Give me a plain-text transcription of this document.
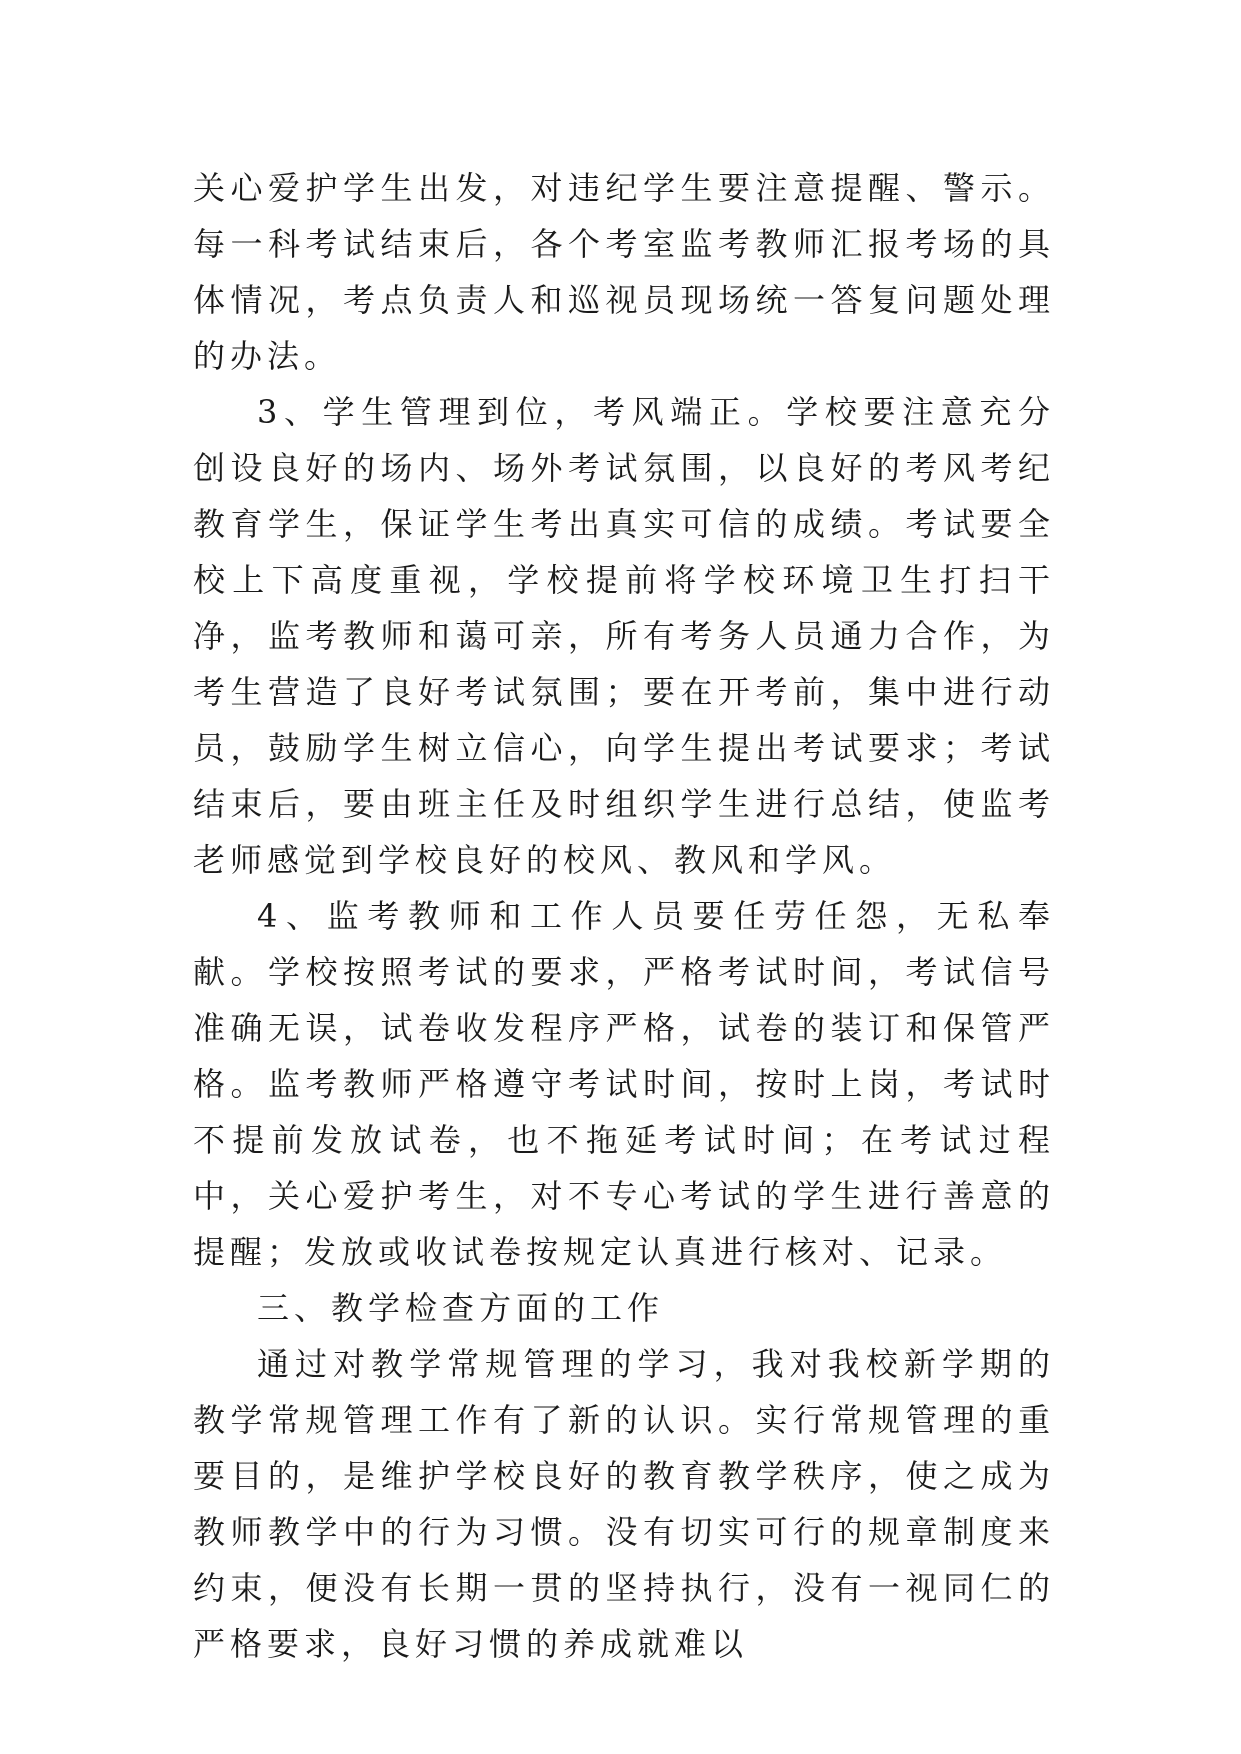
关心爱护学生出发，对违纪学生要注意提醒、警示。每一科考试结束后，各个考室监考教师汇报考场的具体情况，考点负责人和巡视员现场统一答复问题处理的办法。

3、学生管理到位，考风端正。学校要注意充分创设良好的场内、场外考试氛围，以良好的考风考纪教育学生，保证学生考出真实可信的成绩。考试要全校上下高度重视，学校提前将学校环境卫生打扫干净，监考教师和蔼可亲，所有考务人员通力合作，为考生营造了良好考试氛围；要在开考前，集中进行动员，鼓励学生树立信心，向学生提出考试要求；考试结束后，要由班主任及时组织学生进行总结，使监考老师感觉到学校良好的校风、教风和学风。

4、监考教师和工作人员要任劳任怨，无私奉献。学校按照考试的要求，严格考试时间，考试信号准确无误，试卷收发程序严格，试卷的装订和保管严格。监考教师严格遵守考试时间，按时上岗，考试时不提前发放试卷，也不拖延考试时间；在考试过程中，关心爱护考生，对不专心考试的学生进行善意的提醒；发放或收试卷按规定认真进行核对、记录。

三、教学检查方面的工作

通过对教学常规管理的学习，我对我校新学期的教学常规管理工作有了新的认识。实行常规管理的重要目的，是维护学校良好的教育教学秩序，使之成为教师教学中的行为习惯。没有切实可行的规章制度来约束，便没有长期一贯的坚持执行，没有一视同仁的严格要求，良好习惯的养成就难以
